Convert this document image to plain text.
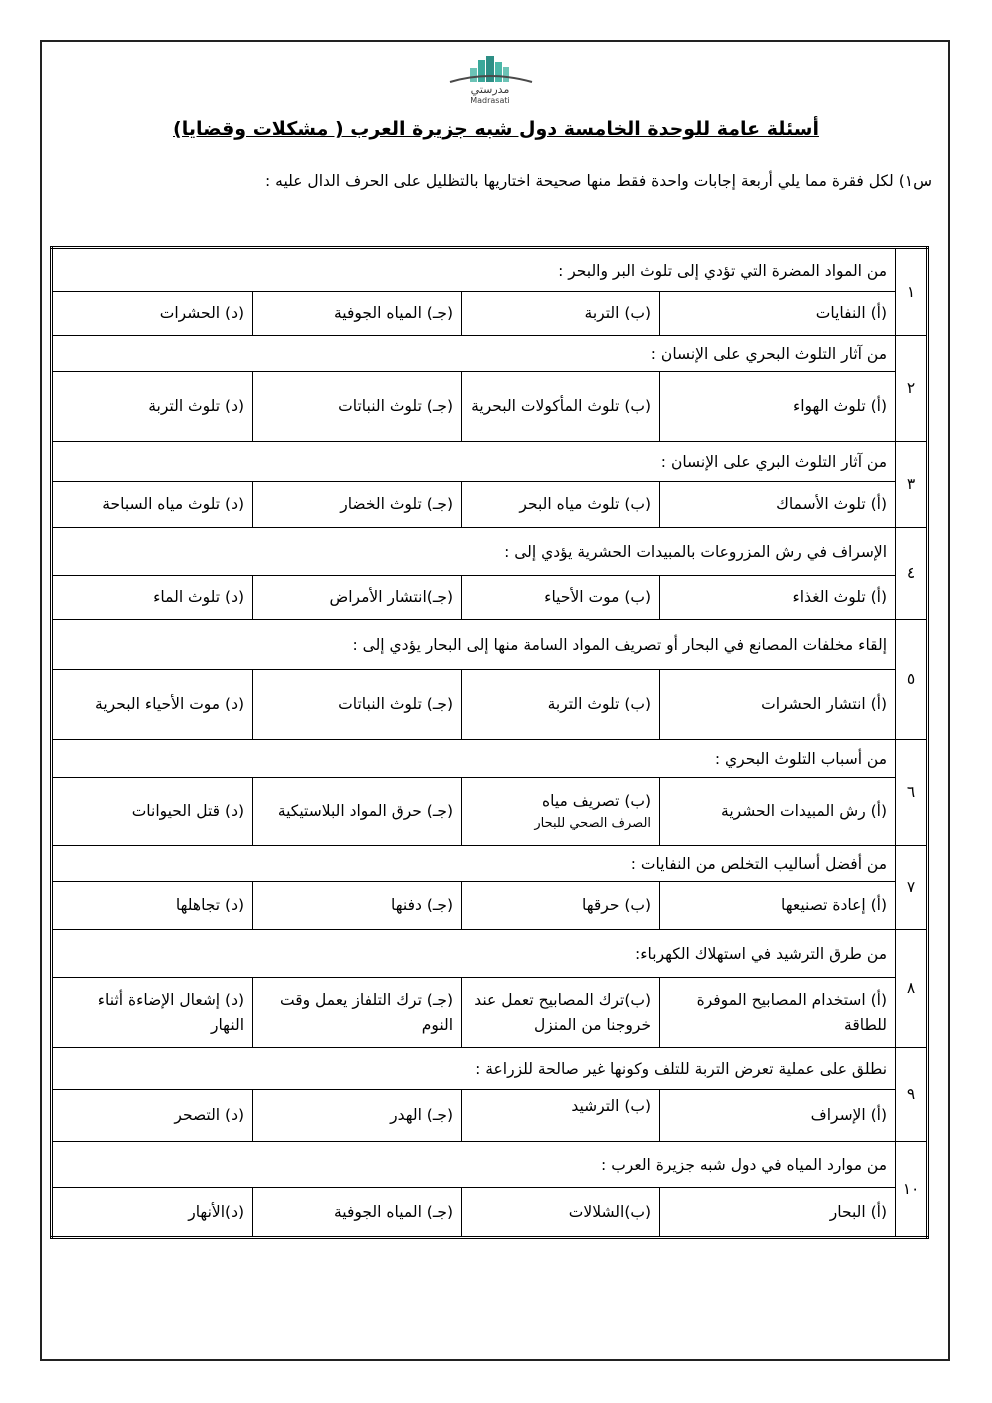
مدرستي
Madrasati
أسئلة عامة للوحدة الخامسة دول شبه جزيرة العرب ( مشكلات وقضايا)
س١) لكل فقرة مما يلي أربعة إجابات واحدة فقط منها صحيحة اختاريها بالتظليل على الحرف الدال عليه :
١	من المواد المضرة التي تؤدي إلى تلوث البر والبحر :			
	(أ) النفايات	(ب) التربة	(جـ) المياه الجوفية	(د) الحشرات
٢	من آثار التلوث البحري على الإنسان :			
	(أ) تلوث الهواء	(ب) تلوث المأكولات البحرية	(جـ) تلوث النباتات	(د) تلوث التربة
٣	من آثار التلوث البري على الإنسان :			
	(أ) تلوث الأسماك	(ب) تلوث مياه البحر	(جـ) تلوث الخضار	(د) تلوث مياه السباحة
٤	الإسراف في رش المزروعات بالمبيدات الحشرية يؤدي إلى :			
	(أ) تلوث الغذاء	(ب) موت الأحياء	(جـ)انتشار الأمراض	(د) تلوث الماء
٥	إلقاء مخلفات المصانع في البحار أو تصريف المواد السامة منها إلى البحار يؤدي إلى :			
	(أ) انتشار الحشرات	(ب) تلوث التربة	(جـ) تلوث النباتات	(د) موت الأحياء البحرية
٦	من أسباب التلوث البحري :			
	(أ) رش المبيدات الحشرية	(ب) تصريف مياه
الصرف الصحي للبحار	(جـ) حرق المواد البلاستيكية	(د) قتل الحيوانات
٧	من أفضل أساليب التخلص من النفايات :			
	(أ) إعادة تصنيعها	(ب) حرقها	(جـ) دفنها	(د) تجاهلها
٨	من طرق الترشيد في استهلاك الكهرباء:			
	(أ) استخدام المصابيح الموفرة للطاقة	(ب)ترك المصابيح تعمل عند خروجنا من المنزل	(جـ) ترك التلفاز يعمل وقت النوم	(د) إشعال الإضاءة أثناء النهار
٩	نطلق على عملية تعرض التربة للتلف وكونها غير صالحة للزراعة :			
	(أ) الإسراف	(ب) الترشيد	(جـ) الهدر	(د) التصحر
١٠	من موارد المياه في دول شبه جزيرة العرب :			
	(أ) البحار	(ب)الشلالات	(جـ) المياه الجوفية	(د)الأنهار
